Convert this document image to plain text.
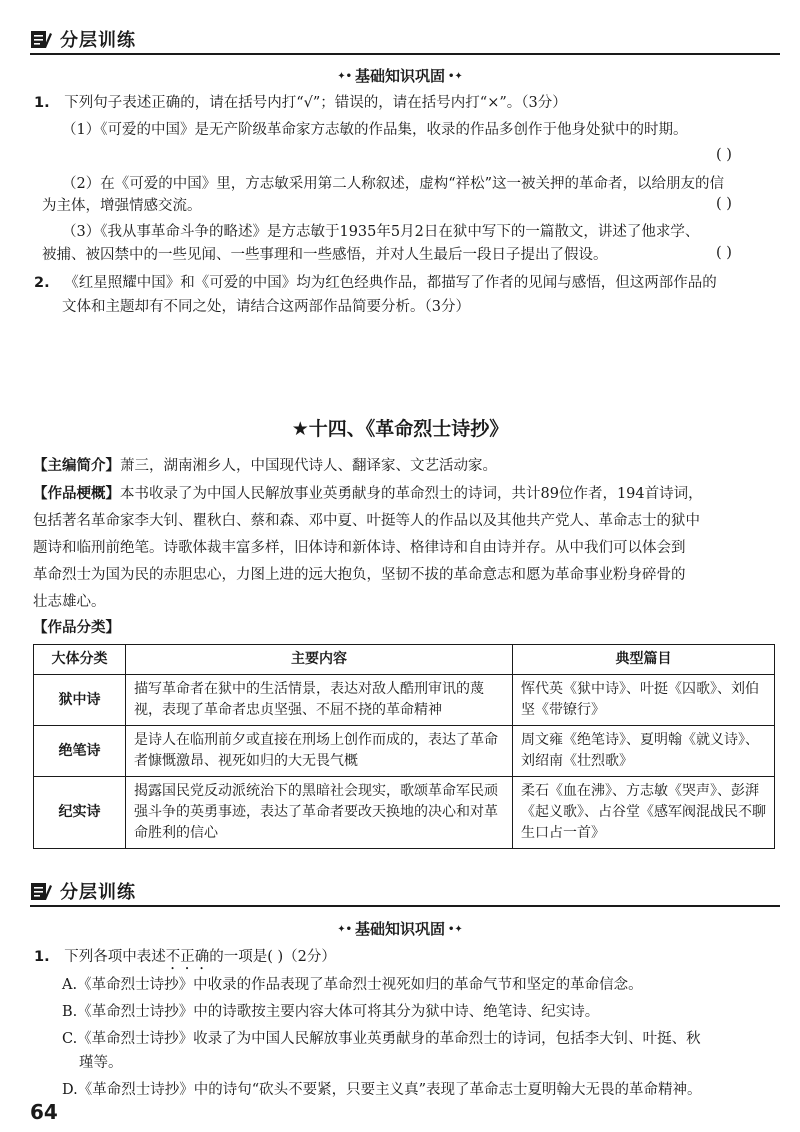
分层训练
✦• 基础知识巩固 •✦
1. 下列句子表述正确的，请在括号内打“√”；错误的，请在括号内打“×”。（3分）
（1）《可爱的中国》是无产阶级革命家方志敏的作品集，收录的作品多创作于他身处狱中的时期。
( )
（2）在《可爱的中国》里，方志敏采用第二人称叙述，虚构“祥松”这一被关押的革命者，以给朋友的信
为主体，增强情感交流。	( )
（3）《我从事革命斗争的略述》是方志敏于1935年5月2日在狱中写下的一篇散文，讲述了他求学、
被捕、被囚禁中的一些见闻、一些事理和一些感悟，并对人生最后一段日子提出了假设。	( )
2. 《红星照耀中国》和《可爱的中国》均为红色经典作品，都描写了作者的见闻与感悟，但这两部作品的
文体和主题却有不同之处，请结合这两部作品简要分析。（3分）
★十四、《革命烈士诗抄》
【主编简介】萧三，湖南湘乡人，中国现代诗人、翻译家、文艺活动家。
【作品梗概】本书收录了为中国人民解放事业英勇献身的革命烈士的诗词，共计89位作者，194首诗词，
包括著名革命家李大钊、瞿秋白、蔡和森、邓中夏、叶挺等人的作品以及其他共产党人、革命志士的狱中
题诗和临刑前绝笔。诗歌体裁丰富多样，旧体诗和新体诗、格律诗和自由诗并存。从中我们可以体会到
革命烈士为国为民的赤胆忠心，力图上进的远大抱负，坚韧不拔的革命意志和愿为革命事业粉身碎骨的
壮志雄心。
【作品分类】
大体分类	主要内容	典型篇目
狱中诗	描写革命者在狱中的生活情景，表达对敌人酷刑审讯的蔑视，表现了革命者忠贞坚强、不屈不挠的革命精神	恽代英《狱中诗》、叶挺《囚歌》、刘伯坚《带镣行》
绝笔诗	是诗人在临刑前夕或直接在刑场上创作而成的，表达了革命者慷慨激昂、视死如归的大无畏气概	周文雍《绝笔诗》、夏明翰《就义诗》、刘绍南《壮烈歌》
纪实诗	揭露国民党反动派统治下的黑暗社会现实，歌颂革命军民顽强斗争的英勇事迹，表达了革命者要改天换地的决心和对革命胜利的信心	柔石《血在沸》、方志敏《哭声》、彭湃《起义歌》、占谷堂《感军阀混战民不聊生口占一首》
分层训练
✦• 基础知识巩固 •✦
1. 下列各项中表述不正确的一项是( )（2分）
A.《革命烈士诗抄》中收录的作品表现了革命烈士视死如归的革命气节和坚定的革命信念。
B.《革命烈士诗抄》中的诗歌按主要内容大体可将其分为狱中诗、绝笔诗、纪实诗。
C.《革命烈士诗抄》收录了为中国人民解放事业英勇献身的革命烈士的诗词，包括李大钊、叶挺、秋
瑾等。
D.《革命烈士诗抄》中的诗句“砍头不要紧，只要主义真”表现了革命志士夏明翰大无畏的革命精神。
64
